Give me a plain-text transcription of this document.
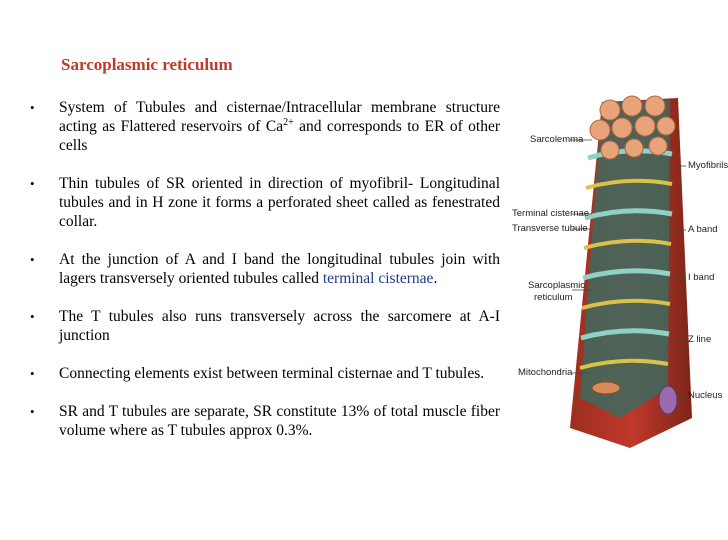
Sarcoplasmic reticulum
• System of Tubules and cisternae/Intracellular membrane structure acting as Flattered reservoirs of $Ca^{2+}$ and corresponds to ER of other cells
• Thin tubules of SR oriented in direction of myofibril- Longitudinal tubules and in H zone it forms a perforated sheet called as fenestrated collar.
• At the junction of A and I band the longitudinal tubules join with lagers transversely oriented tubules called terminal cisternae.
• The T tubules also runs transversely across the sarcomere at A-I junction
• Connecting elements exist between terminal cisternae and T tubules.
• SR and T tubules are separate, SR constitute 13% of total muscle fiber volume where as T tubules approx 0.3%.
Sarcolemma
Myofibrils
Terminal cisternae
Transverse tubule	A band
I band
Sarcoplasmic
reticulum
Z line
Mitochondria
Nucleus
